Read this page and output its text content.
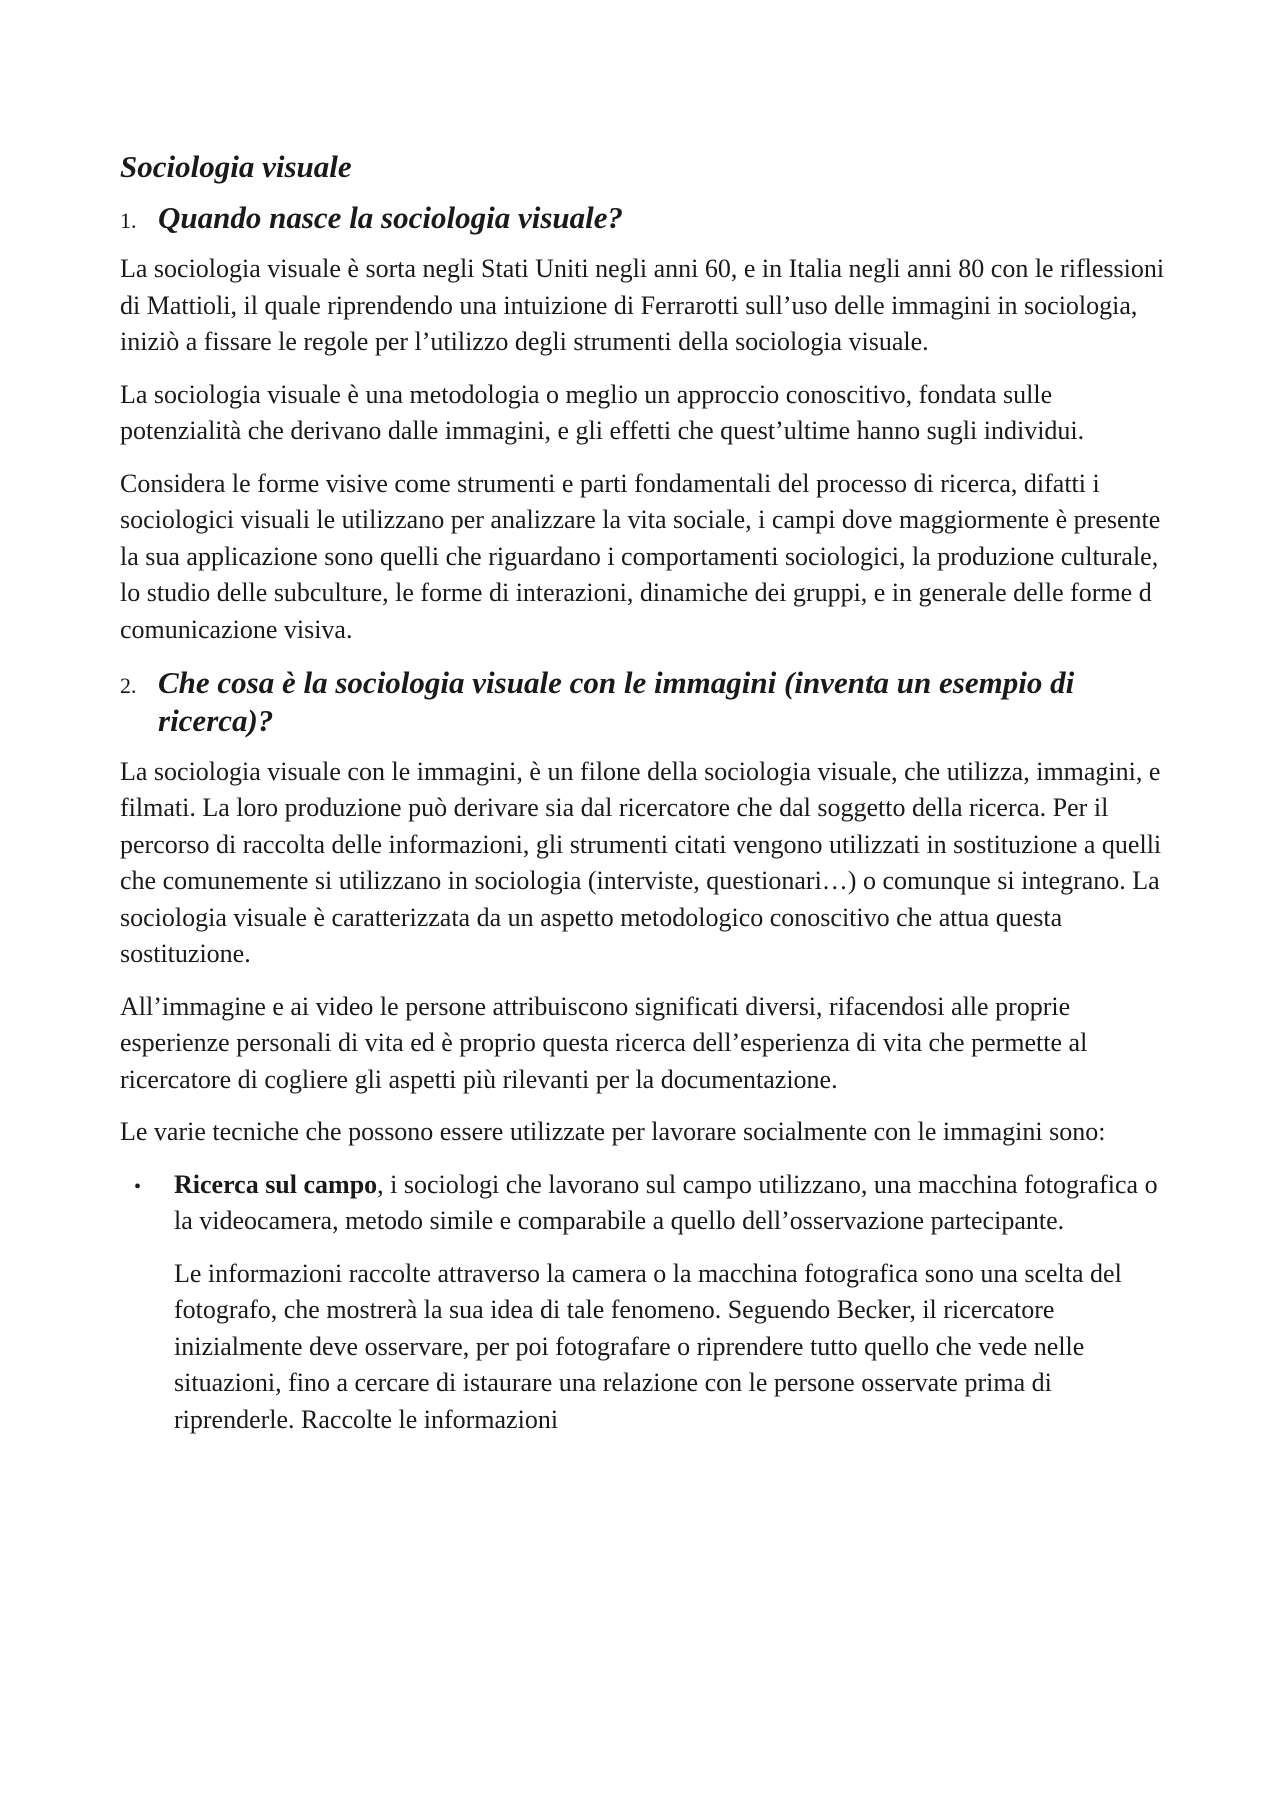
Sociologia visuale
1. Quando nasce la sociologia visuale?

La sociologia visuale è sorta negli Stati Uniti negli anni 60, e in Italia negli anni 80 con le riflessioni di Mattioli, il quale riprendendo una intuizione di Ferrarotti sull’uso delle immagini in sociologia, iniziò a fissare le regole per l’utilizzo degli strumenti della sociologia visuale.

La sociologia visuale è una metodologia o meglio un approccio conoscitivo, fondata sulle potenzialità che derivano dalle immagini, e gli effetti che quest’ultime hanno sugli individui.

Considera le forme visive come strumenti e parti fondamentali del processo di ricerca, difatti i sociologici visuali le utilizzano per analizzare la vita sociale, i campi dove maggiormente è presente la sua applicazione sono quelli che riguardano i comportamenti sociologici, la produzione culturale, lo studio delle subculture, le forme di interazioni, dinamiche dei gruppi, e in generale delle forme d comunicazione visiva.

2. Che cosa è la sociologia visuale con le immagini (inventa un esempio di ricerca)?

La sociologia visuale con le immagini, è un filone della sociologia visuale, che utilizza, immagini, e filmati. La loro produzione può derivare sia dal ricercatore che dal soggetto della ricerca. Per il percorso di raccolta delle informazioni, gli strumenti citati vengono utilizzati in sostituzione a quelli che comunemente si utilizzano in sociologia (interviste, questionari…) o comunque si integrano. La sociologia visuale è caratterizzata da un aspetto metodologico conoscitivo che attua questa sostituzione.

All’immagine e ai video le persone attribuiscono significati diversi, rifacendosi alle proprie esperienze personali di vita ed è proprio questa ricerca dell’esperienza di vita che permette al ricercatore di cogliere gli aspetti più rilevanti per la documentazione.

Le varie tecniche che possono essere utilizzate per lavorare socialmente con le immagini sono:

•	Ricerca sul campo, i sociologi che lavorano sul campo utilizzano, una macchina fotografica o la videocamera, metodo simile e comparabile a quello dell’osservazione partecipante.

Le informazioni raccolte attraverso la camera o la macchina fotografica sono una scelta del fotografo, che mostrerà la sua idea di tale fenomeno. Seguendo Becker, il ricercatore inizialmente deve osservare, per poi fotografare o riprendere tutto quello che vede nelle situazioni, fino a cercare di istaurare una relazione con le persone osservate prima di riprenderle. Raccolte le informazioni
